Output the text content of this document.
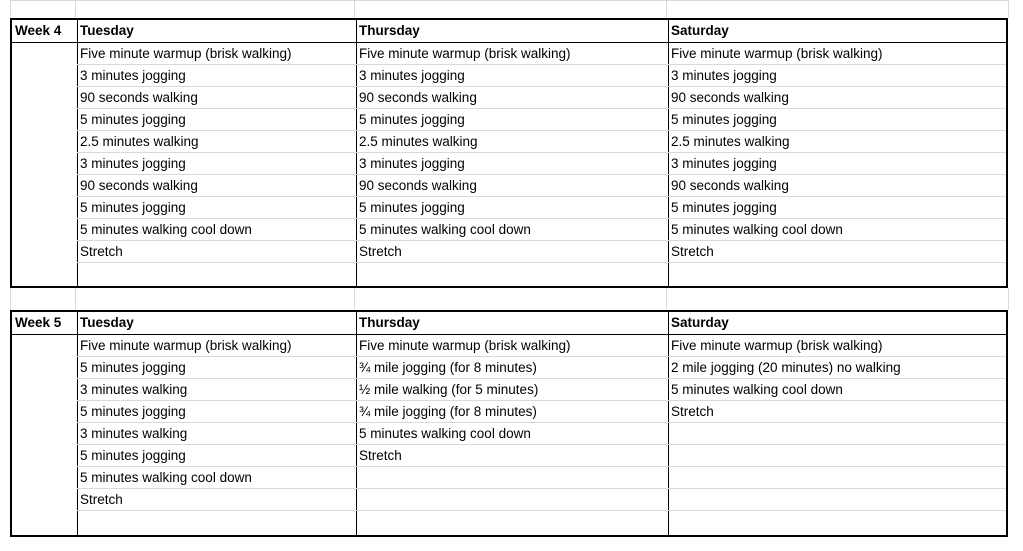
Week 4	Tuesday
Five minute warmup (brisk walking)
3 minutes jogging
90 seconds walking
5 minutes jogging
2.5 minutes walking
3 minutes jogging
90 seconds walking
5 minutes jogging
5 minutes walking cool down
Stretch
Thursday
Five minute warmup (brisk walking)
3 minutes jogging
90 seconds walking
5 minutes jogging
2.5 minutes walking
3 minutes jogging
90 seconds walking
5 minutes jogging
5 minutes walking cool down
Stretch
Saturday
Five minute warmup (brisk walking)
3 minutes jogging
90 seconds walking
5 minutes jogging
2.5 minutes walking
3 minutes jogging
90 seconds walking
5 minutes jogging
5 minutes walking cool down
Stretch
Week 5	Tuesday
Five minute warmup (brisk walking)
5 minutes jogging
3 minutes walking
5 minutes jogging
3 minutes walking
5 minutes jogging
5 minutes walking cool down
Stretch
Thursday
Five minute warmup (brisk walking)
¾ mile jogging (for 8 minutes)
½ mile walking (for 5 minutes)
¾ mile jogging (for 8 minutes)
5 minutes walking cool down
Stretch
Saturday
Five minute warmup (brisk walking)
2 mile jogging (20 minutes) no walking
5 minutes walking cool down
Stretch
